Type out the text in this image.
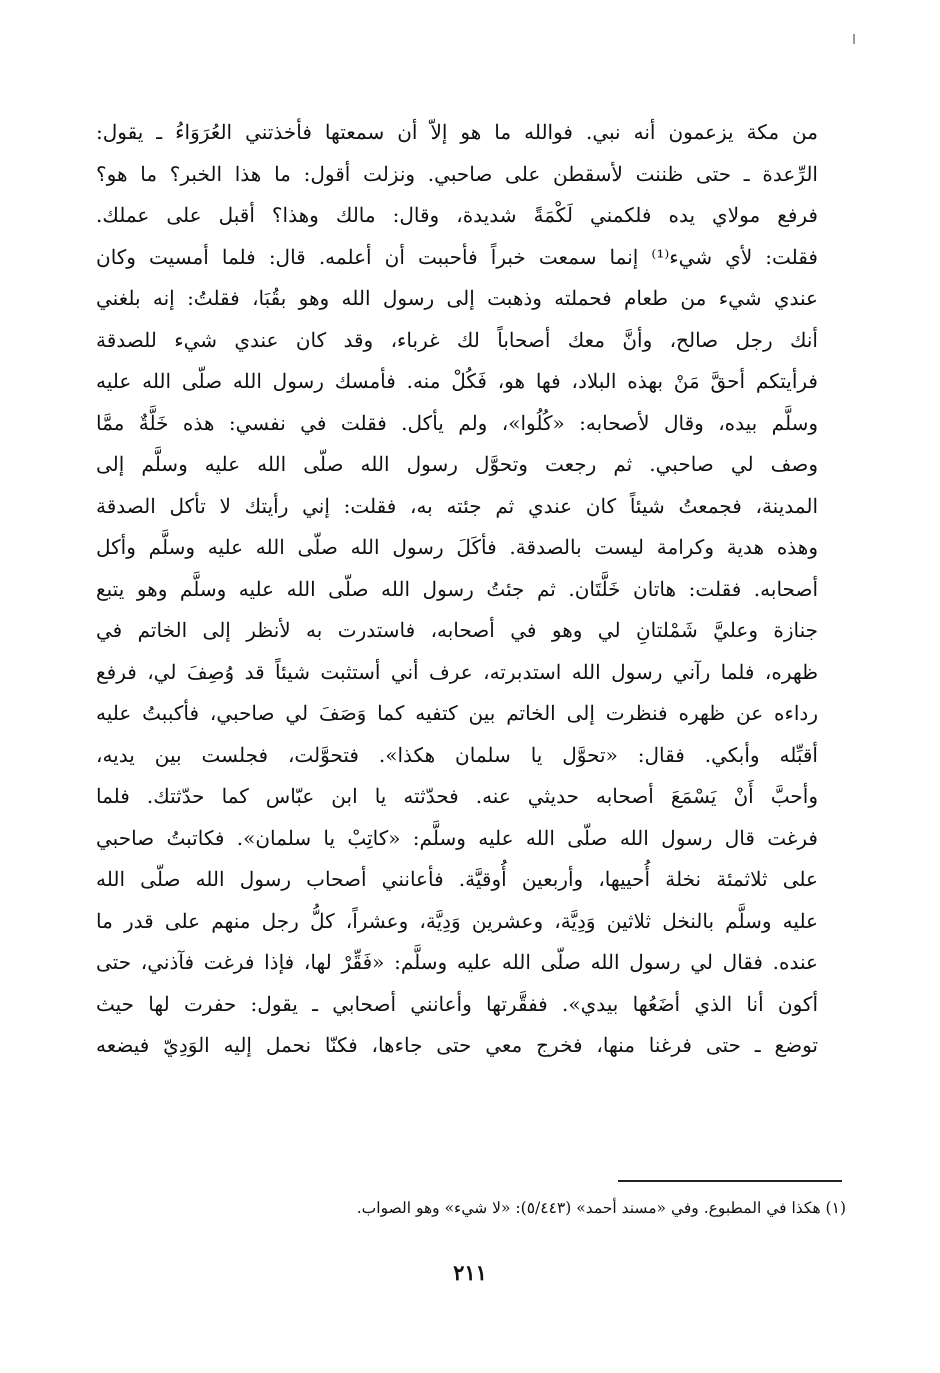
من مكة يزعمون أنه نبي. فوالله ما هو إلاّ أن سمعتها فأخذتني العُرَوَاءُ ـ يقول:
الرِّعدة ـ حتى ظننت لأسقطن على صاحبي. ونزلت أقول: ما هذا الخبر؟ ما هو؟
فرفع مولاي يده فلكمني لَكْمَةً شديدة، وقال: مالك وهذا؟ أقبل على عملك.
فقلت: لأي شيء⁽¹⁾ إنما سمعت خبراً فأحببت أن أعلمه. قال: فلما أمسيت وكان
عندي شيء من طعام فحملته وذهبت إلى رسول الله وهو بقُبَا، فقلتُ: إنه بلغني
أنك رجل صالح، وأنَّ معك أصحاباً لك غرباء، وقد كان عندي شيء للصدقة
فرأيتكم أحقَّ مَنْ بهذه البلاد، فها هو، فَكُلْ منه. فأمسك رسول الله صلّى الله عليه
وسلَّم بيده، وقال لأصحابه: «كُلُوا»، ولم يأكل. فقلت في نفسي: هذه خَلَّةٌ ممَّا
وصف لي صاحبي. ثم رجعت وتحوَّل رسول الله صلّى الله عليه وسلَّم إلى
المدينة، فجمعتُ شيئاً كان عندي ثم جئته به، فقلت: إني رأيتك لا تأكل الصدقة
وهذه هدية وكرامة ليست بالصدقة. فأكَلَ رسول الله صلّى الله عليه وسلَّم وأكل
أصحابه. فقلت: هاتان خَلَّتَان. ثم جئتُ رسول الله صلّى الله عليه وسلَّم وهو يتبع
جنازة وعليَّ شَمْلتانِ لي وهو في أصحابه، فاستدرت به لأنظر إلى الخاتم في
ظهره، فلما رآني رسول الله استدبرته، عرف أني أستثبت شيئاً قد وُصِفَ لي، فرفع
رداءه عن ظهره فنظرت إلى الخاتم بين كتفيه كما وَصَفَ لي صاحبي، فأكببتُ عليه
أقبِّله وأبكي. فقال: «تحوَّل يا سلمان هكذا». فتحوَّلت، فجلست بين يديه،
وأحبَّ أَنْ يَسْمَعَ أصحابه حديثي عنه. فحدّثته يا ابن عبّاس كما حدّثتك. فلما
فرغت قال رسول الله صلّى الله عليه وسلَّم: «كاتِبْ يا سلمان». فكاتبتُ صاحبي
على ثلاثمئة نخلة أُحييها، وأربعين أُوقيَّة. فأعانني أصحاب رسول الله صلّى الله
عليه وسلَّم بالنخل ثلاثين وَدِيَّة، وعشرين وَدِيَّة، وعشراً، كلُّ رجل منهم على قدر ما
عنده. فقال لي رسول الله صلّى الله عليه وسلَّم: «فَقِّرْ لها، فإذا فرغت فآذني، حتى
أكون أنا الذي أضَعُها بيدي». ففقَّرتها وأعانني أصحابي ـ يقول: حفرت لها حيث
توضع ـ حتى فرغنا منها، فخرج معي حتى جاءها، فكنّا نحمل إليه الوَدِيّ فيضعه
(١) هكذا في المطبوع. وفي «مسند أحمد» (٥/٤٤٣): «لا شيء» وهو الصواب.
٢١١
